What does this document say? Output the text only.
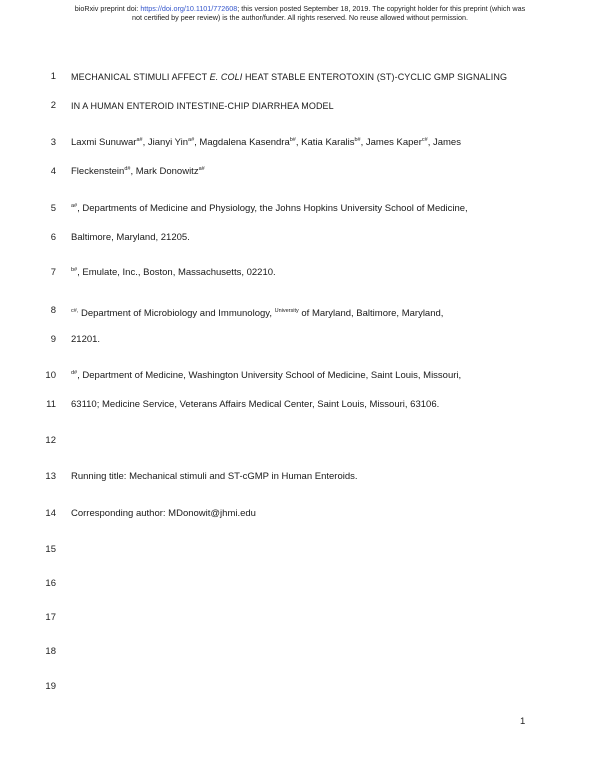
bioRxiv preprint doi: https://doi.org/10.1101/772608; this version posted September 18, 2019. The copyright holder for this preprint (which was
not certified by peer review) is the author/funder. All rights reserved. No reuse allowed without permission.
1 MECHANICAL STIMULI AFFECT E. COLI HEAT STABLE ENTEROTOXIN (ST)-CYCLIC GMP SIGNALING
2 IN A HUMAN ENTEROID INTESTINE-CHIP DIARRHEA MODEL
3 Laxmi Sunuwar$^{a\#}$, Jianyi Yin$^{a\#}$, Magdalena Kasendra$^{b\#}$, Katia Karalis$^{b\#}$, James Kaper$^{c\#}$, James
4 Fleckenstein$^{d\#}$, Mark Donowitz$^{a\#}$
5	$^{a\#}$, Departments of Medicine and Physiology, the Johns Hopkins University School of Medicine,
6 Baltimore, Maryland, 21205.
7	$^{b\#}$, Emulate, Inc., Boston, Massachusetts, 02210.
8	$^{c\#,}$ Department of Microbiology and Immunology, $^{University}$ of Maryland, Baltimore, Maryland,
9 21201.
10	$^{d\#}$, Department of Medicine, Washington University School of Medicine, Saint Louis, Missouri,
11 63110; Medicine Service, Veterans Affairs Medical Center, Saint Louis, Missouri, 63106.
12
13 Running title: Mechanical stimuli and ST-cGMP in Human Enteroids.
14 Corresponding author: MDonowit@jhmi.edu
15
16
17
18
19
1
